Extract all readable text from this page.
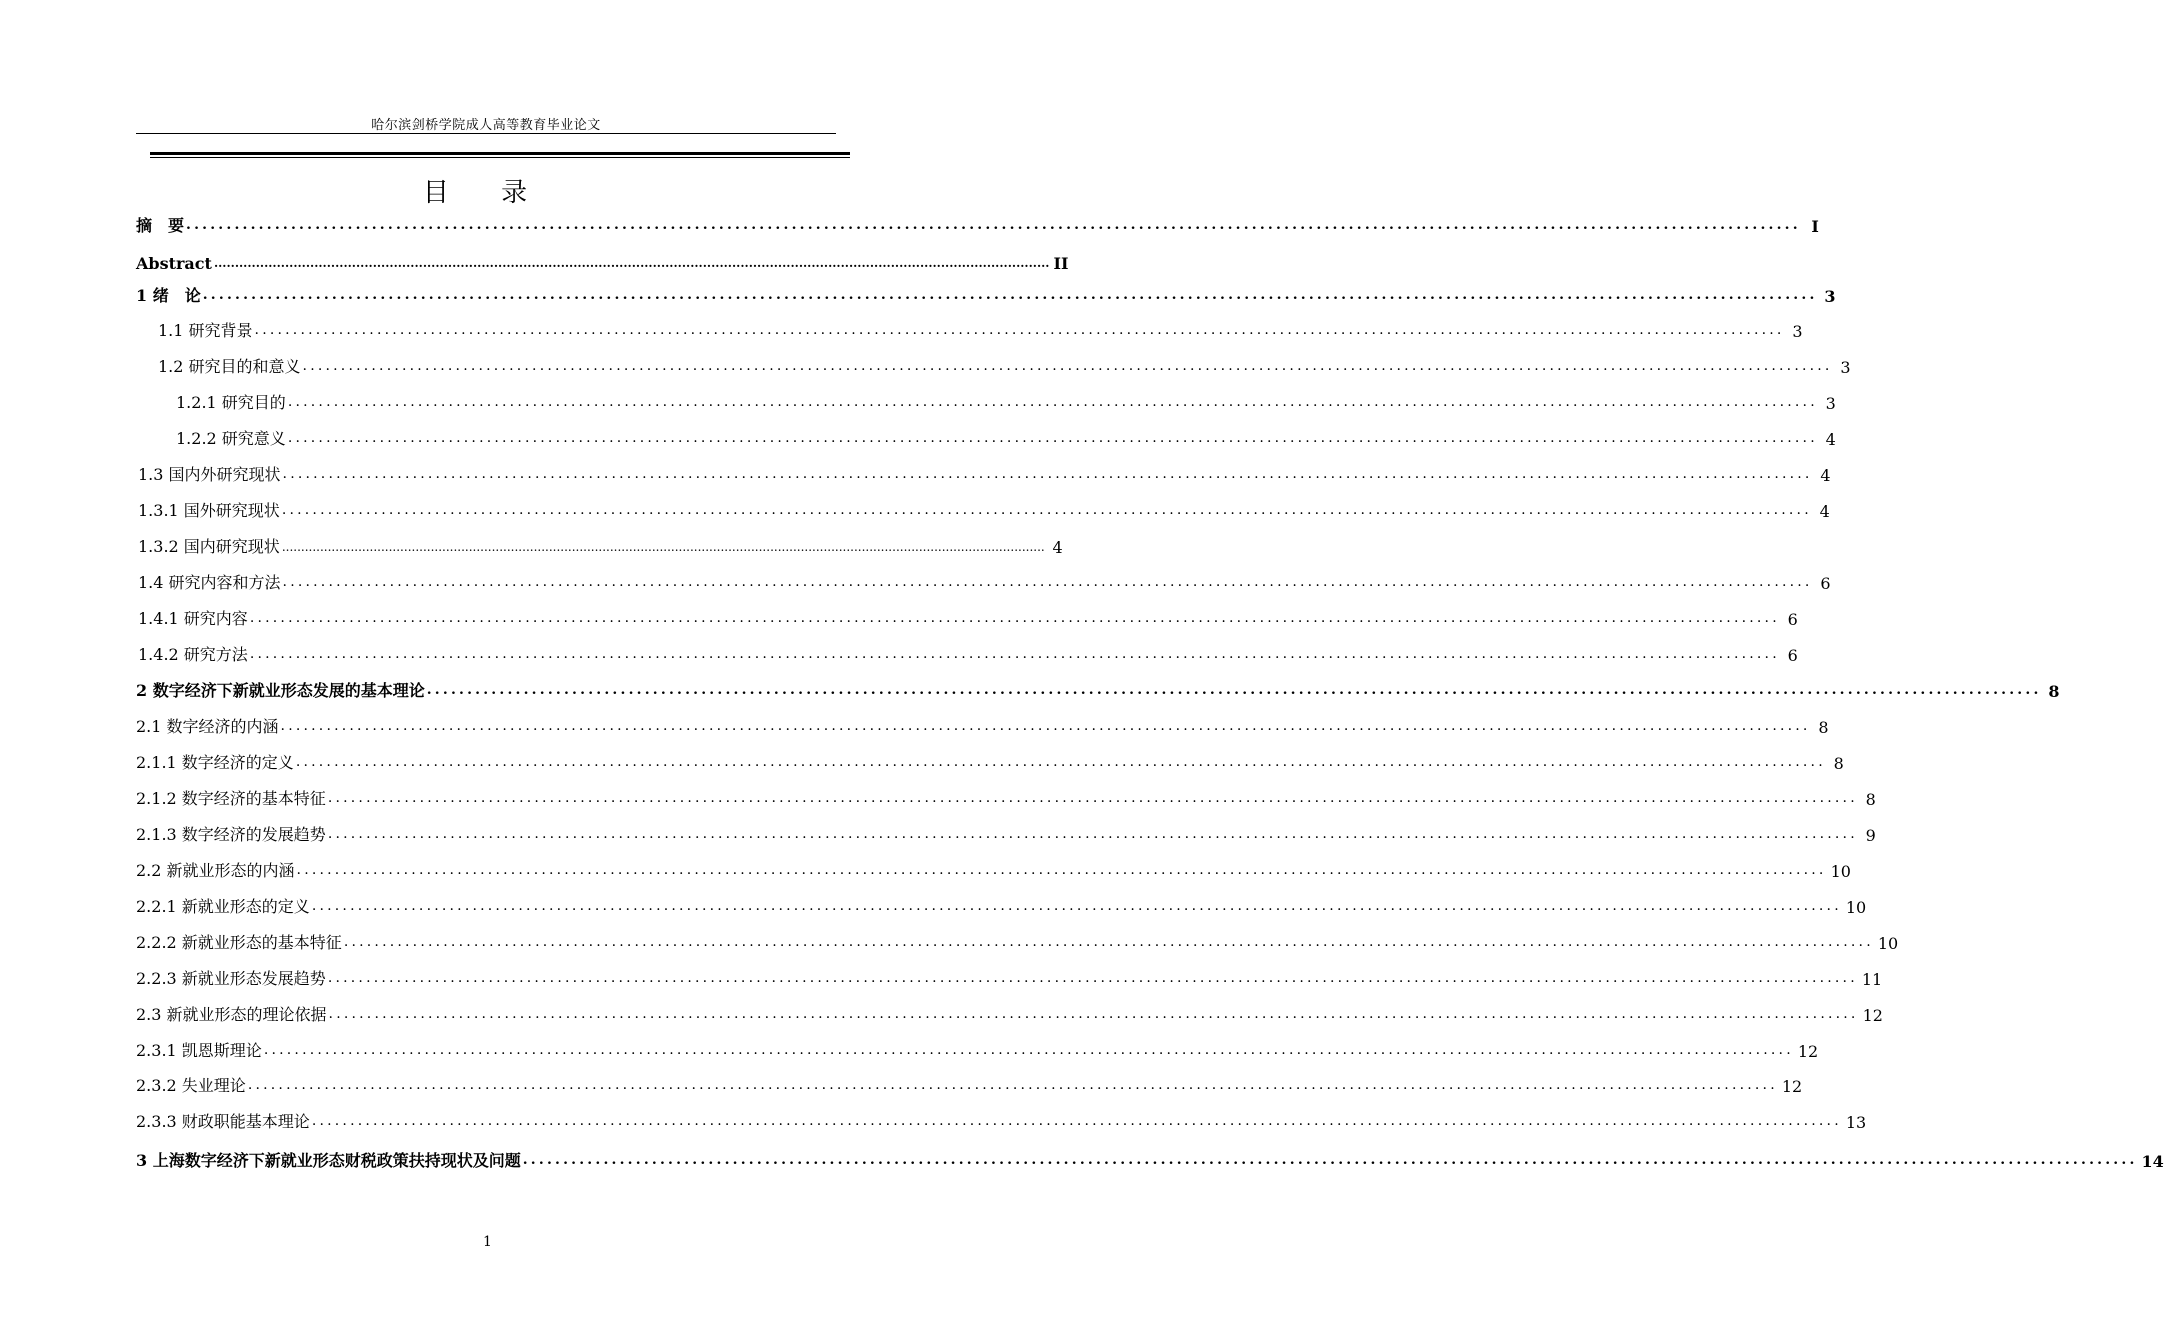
哈尔滨剑桥学院成人高等教育毕业论文
目 录
摘　要 ........................................................................................................................................................................................................ I
Abstract ........................................................................................................................................................................................................ II
1 绪　论 ........................................................................................................................................................................................................ 3
1.1 研究背景 ........................................................................................................................................................................................................ 3
1.2 研究目的和意义 ........................................................................................................................................................................................................ 3
1.2.1 研究目的 ........................................................................................................................................................................................................ 3
1.2.2 研究意义 ........................................................................................................................................................................................................ 4
1.3 国内外研究现状 ........................................................................................................................................................................................................ 4
1.3.1 国外研究现状 ........................................................................................................................................................................................................ 4
1.3.2 国内研究现状 ........................................................................................................................................................................................................ 4
1.4 研究内容和方法 ........................................................................................................................................................................................................ 6
1.4.1 研究内容 ........................................................................................................................................................................................................ 6
1.4.2 研究方法 ........................................................................................................................................................................................................ 6
2 数字经济下新就业形态发展的基本理论 ........................................................................................................................................................................................................ 8
2.1 数字经济的内涵 ........................................................................................................................................................................................................ 8
2.1.1 数字经济的定义 ........................................................................................................................................................................................................ 8
2.1.2 数字经济的基本特征 ........................................................................................................................................................................................................ 8
2.1.3 数字经济的发展趋势 ........................................................................................................................................................................................................ 9
2.2 新就业形态的内涵 ........................................................................................................................................................................................................ 10
2.2.1 新就业形态的定义 ........................................................................................................................................................................................................ 10
2.2.2 新就业形态的基本特征 ........................................................................................................................................................................................................ 10
2.2.3 新就业形态发展趋势 ........................................................................................................................................................................................................ 11
2.3 新就业形态的理论依据 ........................................................................................................................................................................................................ 12
2.3.1 凯恩斯理论 ........................................................................................................................................................................................................ 12
2.3.2 失业理论 ........................................................................................................................................................................................................ 12
2.3.3 财政职能基本理论 ........................................................................................................................................................................................................ 13
3 上海数字经济下新就业形态财税政策扶持现状及问题 ........................................................................................................................................................................................................ 14
1
